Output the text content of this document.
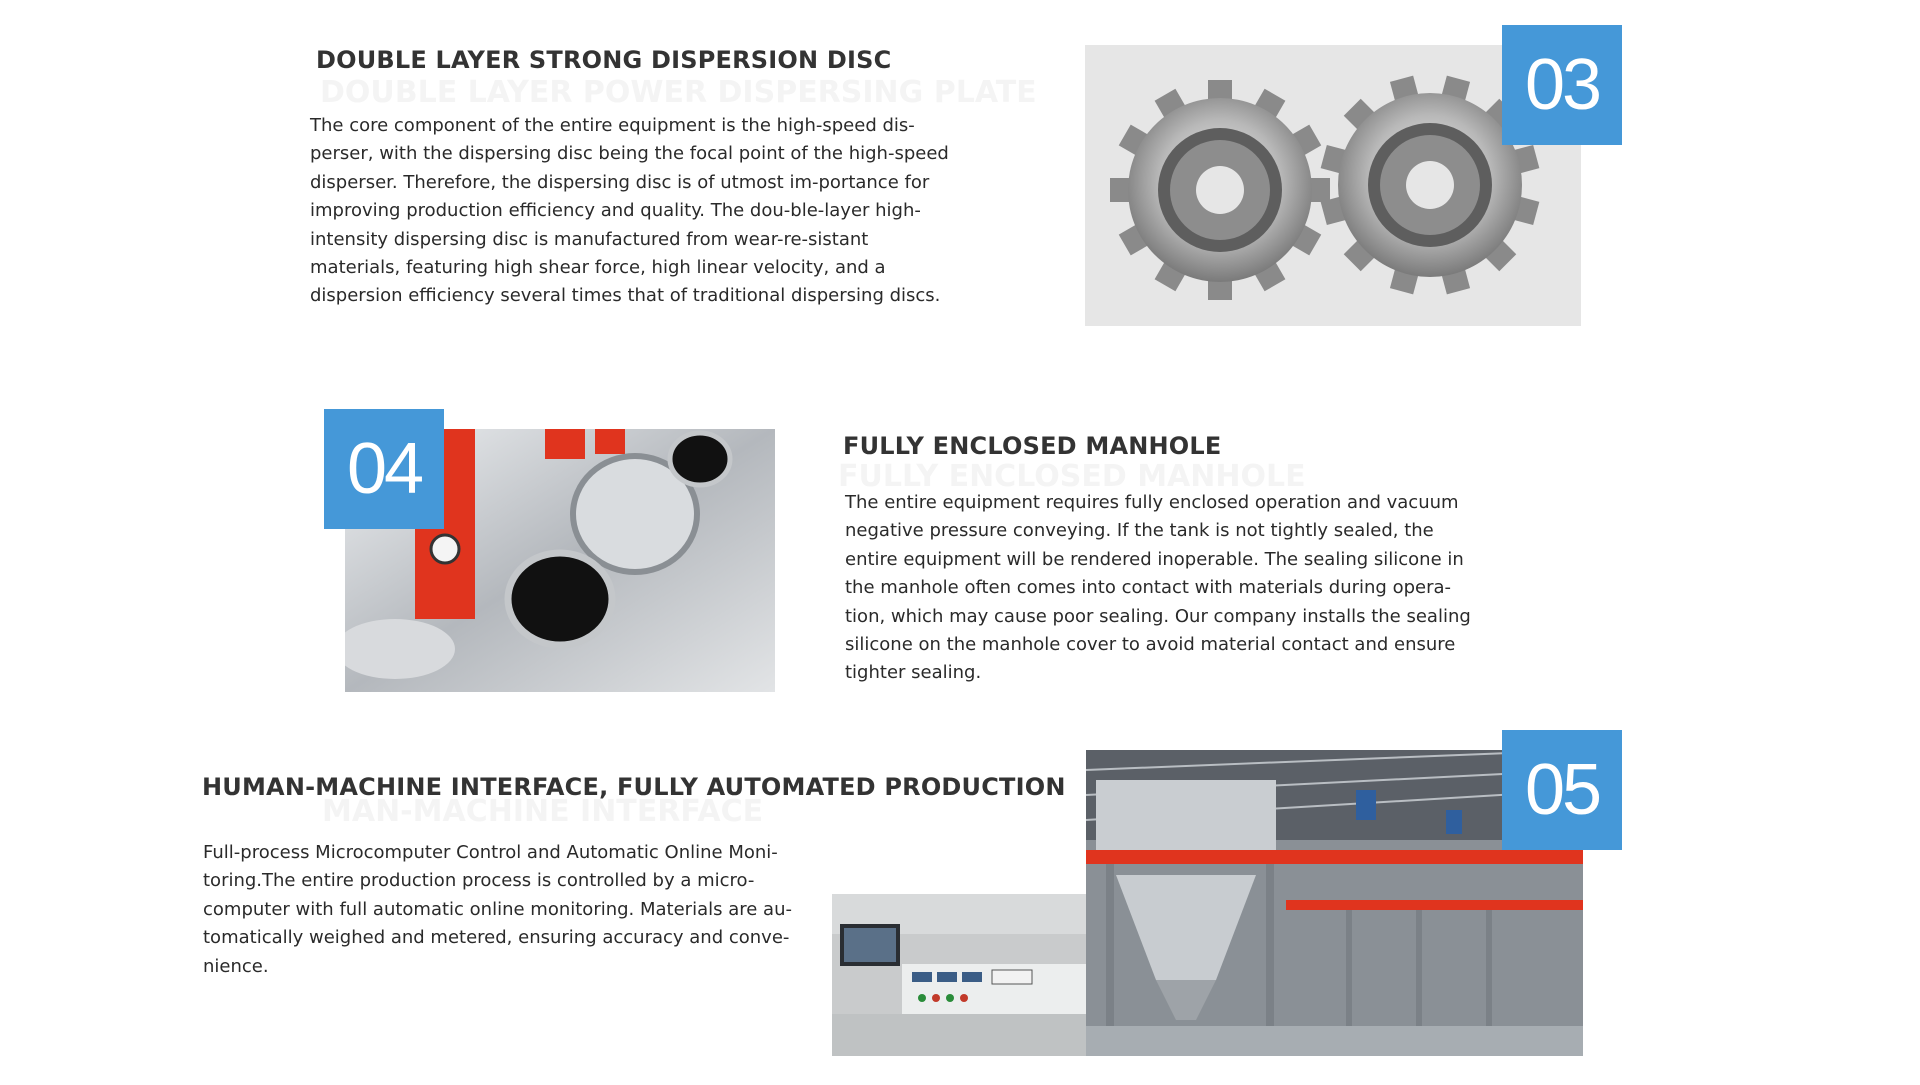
DOUBLE LAYER POWER DISPERSING PLATE
DOUBLE LAYER STRONG DISPERSION DISC

The core component of the entire equipment is the high-speed dis-perser, with the dispersing disc being the focal point of the high-speed disperser. Therefore, the dispersing disc is of utmost im-portance for improving production efficiency and quality. The dou-ble-layer high-intensity dispersing disc is manufactured from wear-re-sistant materials, featuring high shear force, high linear velocity, and a dispersion efficiency several times that of traditional dispersing discs.

03
04	FULLY ENCLOSED MANHOLE
FULLY ENCLOSED MANHOLE

The entire equipment requires fully enclosed operation and vacuum negative pressure conveying. If the tank is not tightly sealed, the entire equipment will be rendered inoperable. The sealing silicone in the manhole often comes into contact with materials during opera-tion, which may cause poor sealing. Our company installs the sealing silicone on the manhole cover to avoid material contact and ensure tighter sealing.

MAN-MACHINE INTERFACE
HUMAN-MACHINE INTERFACE, FULLY AUTOMATED PRODUCTION

Full-process Microcomputer Control and Automatic Online Moni-toring.The entire production process is controlled by a micro-computer with full automatic online monitoring. Materials are au-tomatically weighed and metered, ensuring accuracy and conve-nience.

05
